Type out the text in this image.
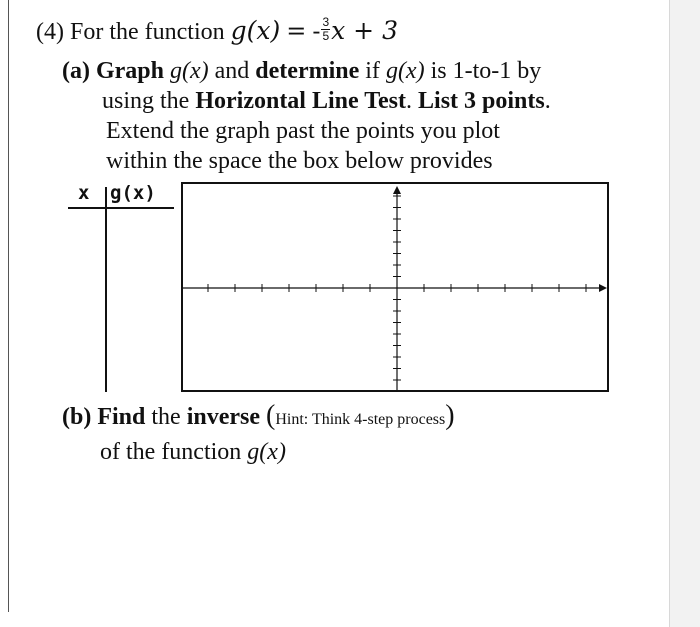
(4) For the function g(x) = - $\frac{3}{5}$ x + 3
(a) Graph g(x) and determine if g(x) is 1-to-1 by
using the Horizontal Line Test. List 3 points.
Extend the graph past the points you plot
within the space the box below provides
x g(x)
(b) Find the inverse (Hint: Think 4-step process)
of the function g(x)
